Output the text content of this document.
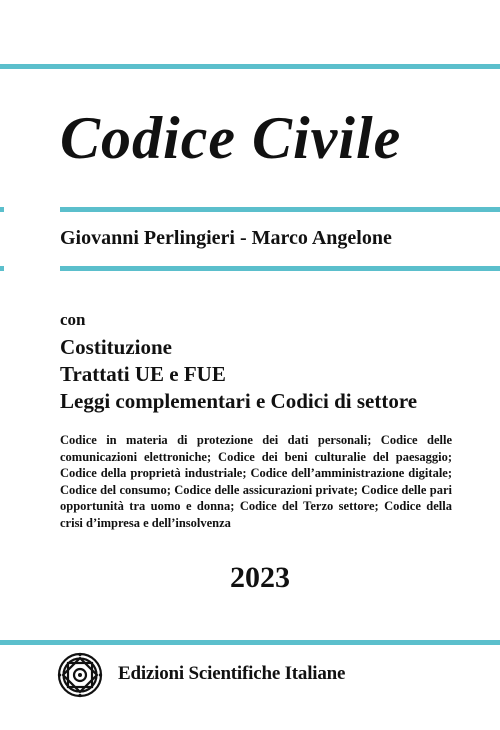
Codice Civile
Giovanni Perlingieri - Marco Angelone
con
Costituzione
Trattati UE e FUE
Leggi complementari e Codici di settore

Codice in materia di protezione dei dati personali; Codice delle comunicazioni elettroniche; Codice dei beni culturalie del paesaggio; Codice della proprietà industriale; Codice dell’amministrazione digitale; Codice del consumo; Codice delle assicurazioni private; Codice delle pari opportunità tra uomo e donna; Codice del Terzo settore; Codice della crisi d’impresa e dell’insolvenza

2023
Edizioni Scientifiche Italiane
